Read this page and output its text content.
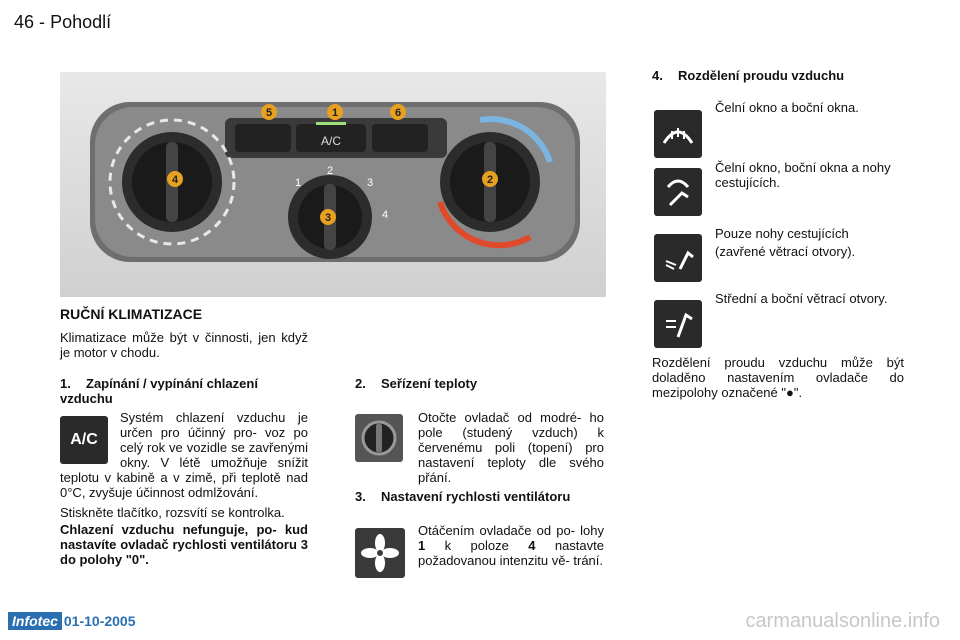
46 - Pohodlí
A/C
5	1	6
4	2
3
1
2
3
4
RUČNÍ KLIMATIZACE
Klimatizace může být v činnosti, jen když je motor v chodu.
1. Zapínání / vypínání chlazení vzduchu
A/C
Systém chlazení vzduchu je určen pro účinný pro- voz po celý rok ve vozidle se zavřenými okny. V létě umožňuje snížit teplotu v kabině a v zimě, při teplotě nad 0°C, zvyšuje účinnost odmlžování.
Stiskněte tlačítko, rozsvítí se kontrolka.
Chlazení vzduchu nefunguje, po- kud nastavíte ovladač rychlosti ventilátoru 3 do polohy "0".
2. Seřízení teploty
Otočte ovladač od modré- ho pole (studený vzduch) k červenému poli (topení) pro nastavení teploty dle svého přání.
3. Nastavení rychlosti ventilátoru
Otáčením ovladače od po- lohy 1 k poloze 4 nastavte požadovanou intenzitu vě- trání.
4. Rozdělení proudu vzduchu
Čelní okno a boční okna.
Čelní okno, boční okna a nohy cestujících.
Pouze nohy cestujících
(zavřené větrací otvory).
Střední a boční větrací otvory.
Rozdělení proudu vzduchu může být doladěno nastavením ovladače do mezipolohy označené "●".
Infotec 01-10-2005	carmanualsonline.info
